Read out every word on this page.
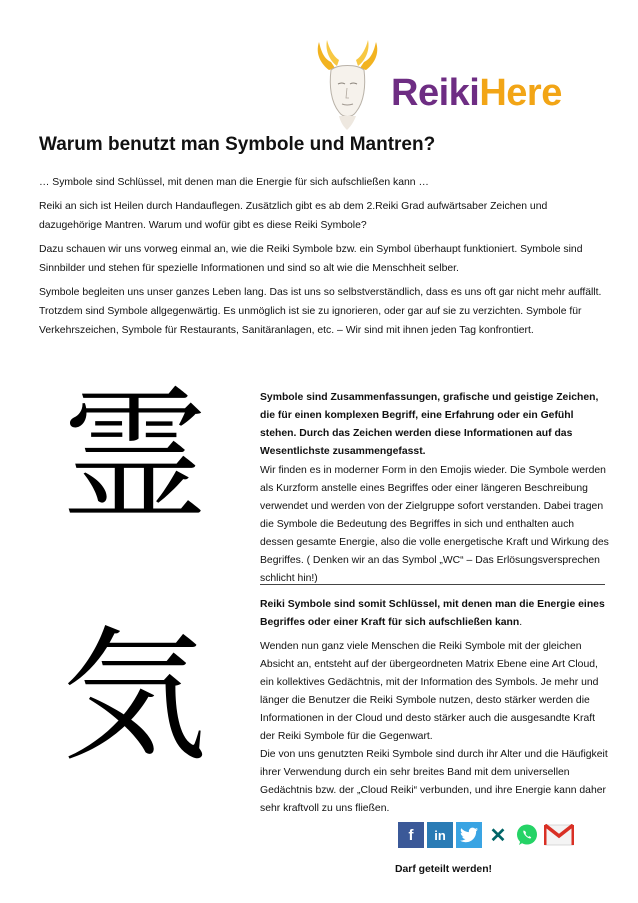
ReikiHere
Warum benutzt man Symbole und Mantren?

… Symbole sind Schlüssel, mit denen man die Energie für sich aufschließen kann …

Reiki an sich ist Heilen durch Handauflegen. Zusätzlich gibt es ab dem 2.Reiki Grad aufwärtsaber Zeichen und dazugehörige Mantren. Warum und wofür gibt es diese Reiki Symbole?

Dazu schauen wir uns vorweg einmal an, wie die Reiki Symbole bzw. ein Symbol überhaupt funktioniert. Symbole sind Sinnbilder und stehen für spezielle Informationen und sind so alt wie die Menschheit selber.

Symbole begleiten uns unser ganzes Leben lang. Das ist uns so selbstverständlich, dass es uns oft gar nicht mehr auffällt. Trotzdem sind Symbole allgegenwärtig. Es unmöglich ist sie zu ignorieren, oder gar auf sie zu verzichten. Symbole für Verkehrszeichen, Symbole für Restaurants, Sanitäranlagen, etc. – Wir sind mit ihnen jeden Tag konfrontiert.

霊
気

Symbole sind Zusammenfassungen, grafische und geistige Zeichen, die für einen komplexen Begriff, eine Erfahrung oder ein Gefühl stehen. Durch das Zeichen werden diese Informationen auf das Wesentlichste zusammengefasst.

Wir finden es in moderner Form in den Emojis wieder. Die Symbole werden als Kurzform anstelle eines Begriffes oder einer längeren Beschreibung verwendet und werden von der Zielgruppe sofort verstanden. Dabei tragen die Symbole die Bedeutung des Begriffes in sich und enthalten auch dessen gesamte Energie, also die volle energetische Kraft und Wirkung des Begriffes. ( Denken wir an das Symbol „WC“ – Das Erlösungsversprechen schlicht hin!)

Reiki Symbole sind somit Schlüssel, mit denen man die Energie eines Begriffes oder einer Kraft für sich aufschließen kann.

Wenden nun ganz viele Menschen die Reiki Symbole mit der gleichen Absicht an, entsteht auf der übergeordneten Matrix Ebene eine Art Cloud, ein kollektives Gedächtnis, mit der Information des Symbols. Je mehr und länger die Benutzer die Reiki Symbole nutzen, desto stärker werden die Informationen in der Cloud und desto stärker auch die ausgesandte Kraft der Reiki Symbole für die Gegenwart.

Die von uns genutzten Reiki Symbole sind durch ihr Alter und die Häufigkeit ihrer Verwendung durch ein sehr breites Band mit dem universellen Gedächtnis bzw. der „Cloud Reiki“ verbunden, und ihre Energie kann daher sehr kraftvoll zu uns fließen.

f	in	✕

Darf geteilt werden!
